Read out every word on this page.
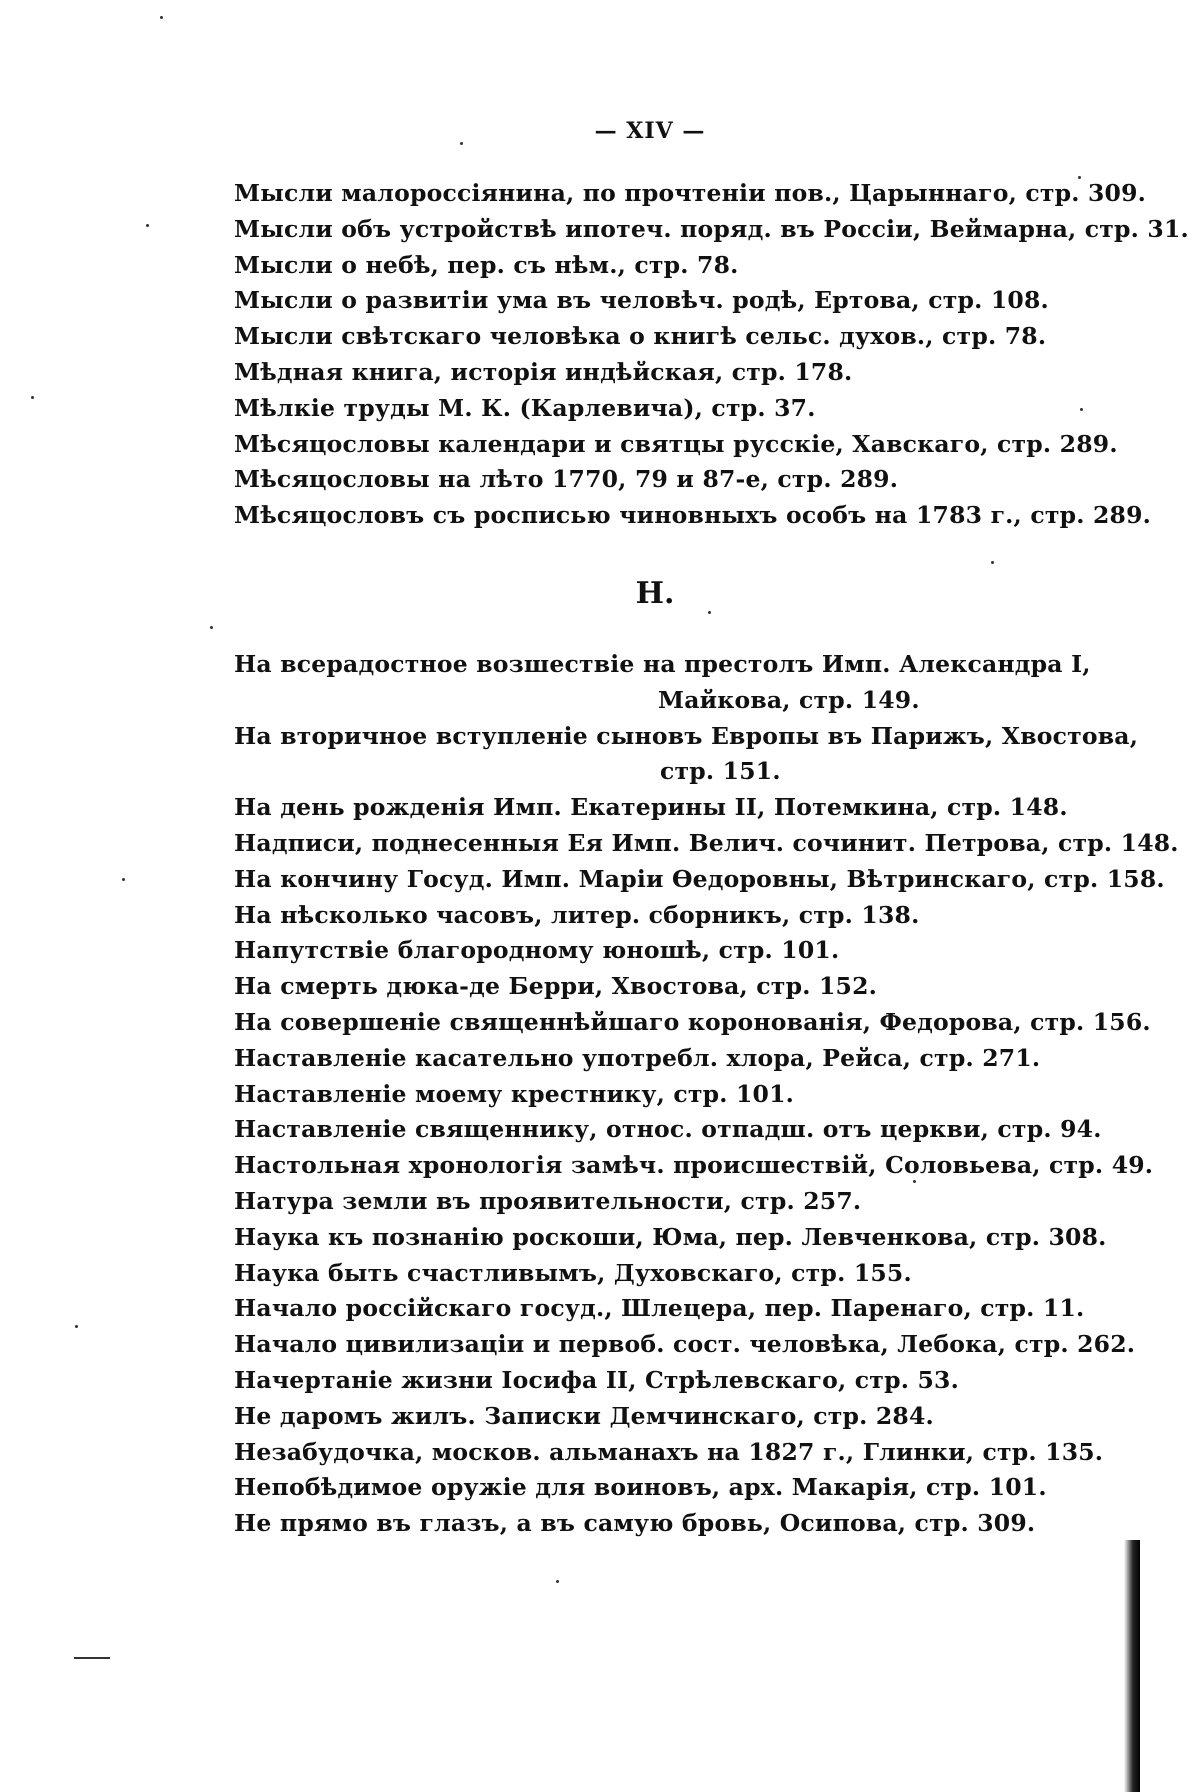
— XIV —
Мысли малороссіянина, по прочтеніи пов., Царыннаго, стр. 309.
Мысли объ устройствѣ ипотеч. поряд. въ Россіи, Веймарна, стр. 31.
Мысли о небѣ, пер. съ нѣм., стр. 78.
Мысли о развитіи ума въ человѣч. родѣ, Ертова, стр. 108.
Мысли свѣтскаго человѣка о книгѣ сельс. духов., стр. 78.
Мѣдная книга, исторія индѣйская, стр. 178.
Мѣлкіе труды М. К. (Карлевича), стр. 37.
Мѣсяцословы календари и святцы русскіе, Хавскаго, стр. 289.
Мѣсяцословы на лѣто 1770, 79 и 87-е, стр. 289.
Мѣсяцословъ съ росписью чиновныхъ особъ на 1783 г., стр. 289.
Н.
На всерадостное возшествіе на престолъ Имп. Александра I,
Майкова, стр. 149.
На вторичное вступленіе сыновъ Европы въ Парижъ, Хвостова,
стр. 151.
На день рожденія Имп. Екатерины II, Потемкина, стр. 148.
Надписи, поднесенныя Ея Имп. Велич. сочинит. Петрова, стр. 148.
На кончину Госуд. Имп. Маріи Ѳедоровны, Вѣтринскаго, стр. 158.
На нѣсколько часовъ, литер. сборникъ, стр. 138.
Напутствіе благородному юношѣ, стр. 101.
На смерть дюка-де Берри, Хвостова, стр. 152.
На совершеніе священнѣйшаго коронованія, Федорова, стр. 156.
Наставленіе касательно употребл. хлора, Рейса, стр. 271.
Наставленіе моему крестнику, стр. 101.
Наставленіе священнику, относ. отпадш. отъ церкви, стр. 94.
Настольная хронологія замѣч. происшествій, Соловьева, стр. 49.
Натура земли въ проявительности, стр. 257.
Наука къ познанію роскоши, Юма, пер. Левченкова, стр. 308.
Наука быть счастливымъ, Духовскаго, стр. 155.
Начало россійскаго госуд., Шлецера, пер. Паренаго, стр. 11.
Начало цивилизаціи и первоб. сост. человѣка, Лебока, стр. 262.
Начертаніе жизни Іосифа II, Стрѣлевскаго, стр. 53.
Не даромъ жилъ. Записки Демчинскаго, стр. 284.
Незабудочка, москов. альманахъ на 1827 г., Глинки, стр. 135.
Непобѣдимое оружіе для воиновъ, арх. Макарія, стр. 101.
Не прямо въ глазъ, а въ самую бровь, Осипова, стр. 309.
